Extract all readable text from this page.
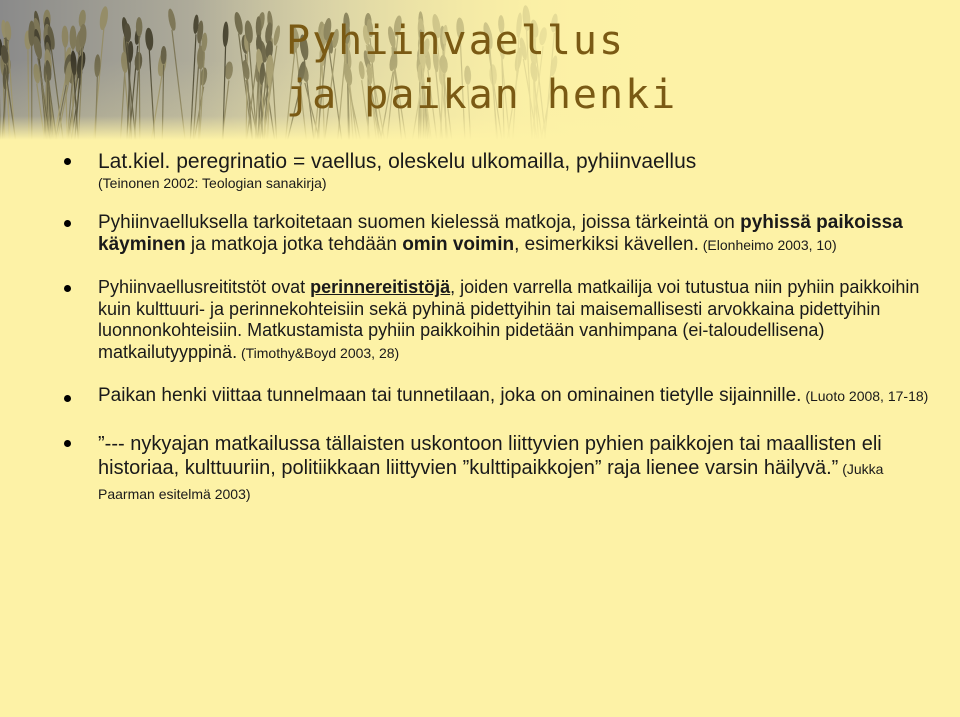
Pyhiinvaellus
ja paikan henki
Lat.kiel. peregrinatio = vaellus, oleskelu ulkomailla, pyhiinvaellus
(Teinonen 2002: Teologian sanakirja)
Pyhiinvaelluksella tarkoitetaan suomen kielessä matkoja, joissa tärkeintä on pyhissä paikoissa käyminen ja matkoja jotka tehdään omin voimin, esimerkiksi kävellen. (Elonheimo 2003, 10)
Pyhiinvaellusreititstöt ovat perinnereitistöjä, joiden varrella matkailija voi tutustua niin pyhiin paikkoihin kuin kulttuuri- ja perinnekohteisiin sekä pyhinä pidettyihin tai maisemallisesti arvokkaina pidettyihin luonnonkohteisiin. Matkustamista pyhiin paikkoihin pidetään vanhimpana (ei-taloudellisena) matkailutyyppinä. (Timothy&Boyd 2003, 28)
Paikan henki viittaa tunnelmaan tai tunnetilaan, joka on ominainen tietylle sijainnille. (Luoto 2008, 17-18)
”--- nykyajan matkailussa tällaisten uskontoon liittyvien pyhien paikkojen tai maallisten eli historiaa, kulttuuriin, politiikkaan liittyvien ”kulttipaikkojen” raja lienee varsin häilyvä.” (Jukka Paarman esitelmä 2003)
